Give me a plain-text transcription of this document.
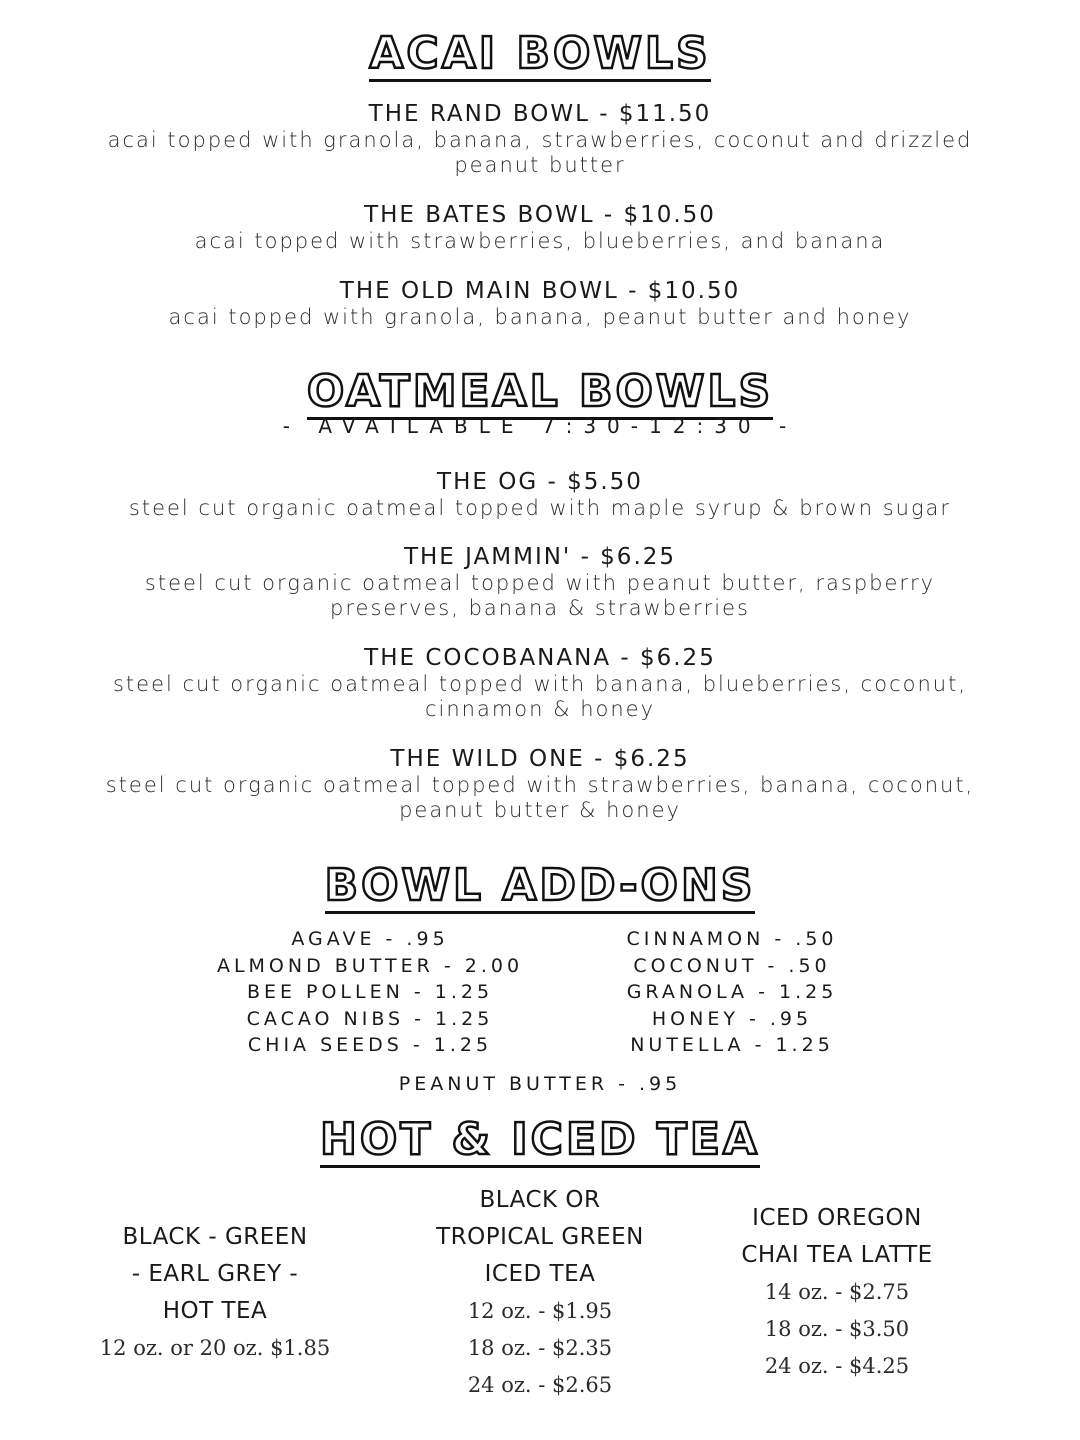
ACAI BOWLS
THE RAND BOWL - $11.50
acai topped with granola, banana, strawberries, coconut and drizzled peanut butter
THE BATES BOWL - $10.50
acai topped with strawberries, blueberries, and banana
THE OLD MAIN BOWL - $10.50
acai topped with granola, banana, peanut butter and honey
OATMEAL BOWLS
- AVAILABLE 7:30-12:30 -
THE OG - $5.50
steel cut organic oatmeal topped with maple syrup & brown sugar
THE JAMMIN' - $6.25
steel cut organic oatmeal topped with peanut butter, raspberry preserves, banana & strawberries
THE COCOBANANA - $6.25
steel cut organic oatmeal topped with banana, blueberries, coconut, cinnamon & honey
THE WILD ONE - $6.25
steel cut organic oatmeal topped with strawberries, banana, coconut, peanut butter & honey
BOWL ADD-ONS
AGAVE - .95
ALMOND BUTTER - 2.00
BEE POLLEN - 1.25
CACAO NIBS - 1.25
CHIA SEEDS - 1.25
CINNAMON - .50
COCONUT - .50
GRANOLA - 1.25
HONEY - .95
NUTELLA - 1.25
PEANUT BUTTER - .95
HOT & ICED TEA
BLACK - GREEN
- EARL GREY -
HOT TEA
12 oz. or 20 oz. $1.85
BLACK OR
TROPICAL GREEN
ICED TEA
12 oz. - $1.95
18 oz. - $2.35
24 oz. - $2.65
ICED OREGON
CHAI TEA LATTE
14 oz. - $2.75
18 oz. - $3.50
24 oz. - $4.25
